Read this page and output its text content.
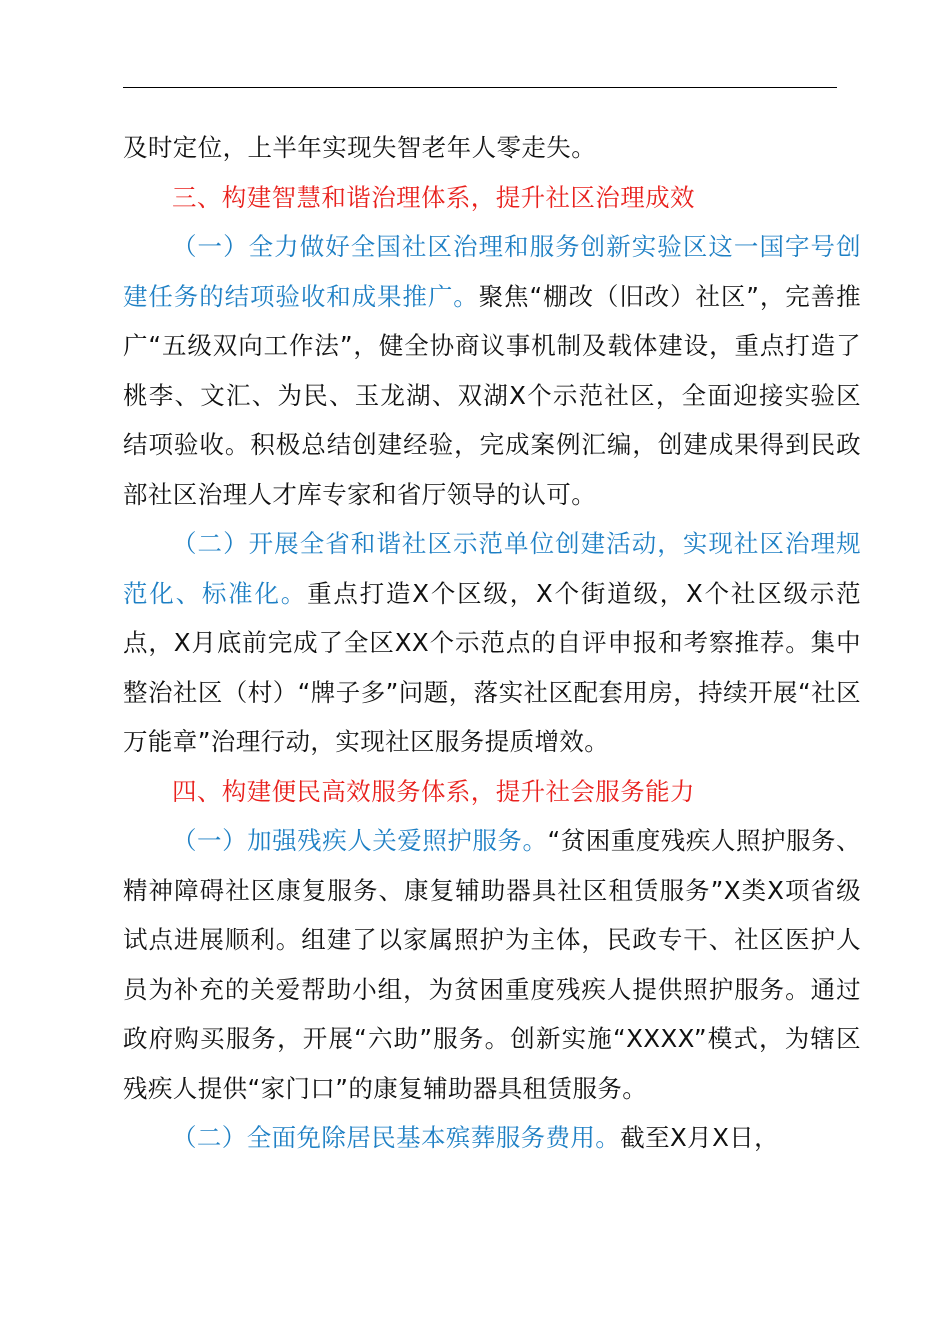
及时定位，上半年实现失智老年人零走失。

三、构建智慧和谐治理体系，提升社区治理成效

（一）全力做好全国社区治理和服务创新实验区这一国字号创建任务的结项验收和成果推广。聚焦“棚改（旧改）社区”，完善推广“五级双向工作法”，健全协商议事机制及载体建设，重点打造了桃李、文汇、为民、玉龙湖、双湖X个示范社区，全面迎接实验区结项验收。积极总结创建经验，完成案例汇编，创建成果得到民政部社区治理人才库专家和省厅领导的认可。

（二）开展全省和谐社区示范单位创建活动，实现社区治理规范化、标准化。重点打造X个区级，X个街道级，X个社区级示范点，X月底前完成了全区XX个示范点的自评申报和考察推荐。集中整治社区（村）“牌子多”问题，落实社区配套用房，持续开展“社区万能章”治理行动，实现社区服务提质增效。

四、构建便民高效服务体系，提升社会服务能力

（一）加强残疾人关爱照护服务。“贫困重度残疾人照护服务、精神障碍社区康复服务、康复辅助器具社区租赁服务”X类X项省级试点进展顺利。组建了以家属照护为主体，民政专干、社区医护人员为补充的关爱帮助小组，为贫困重度残疾人提供照护服务。通过政府购买服务，开展“六助”服务。创新实施“XXXX”模式，为辖区残疾人提供“家门口”的康复辅助器具租赁服务。

（二）全面免除居民基本殡葬服务费用。截至X月X日，
